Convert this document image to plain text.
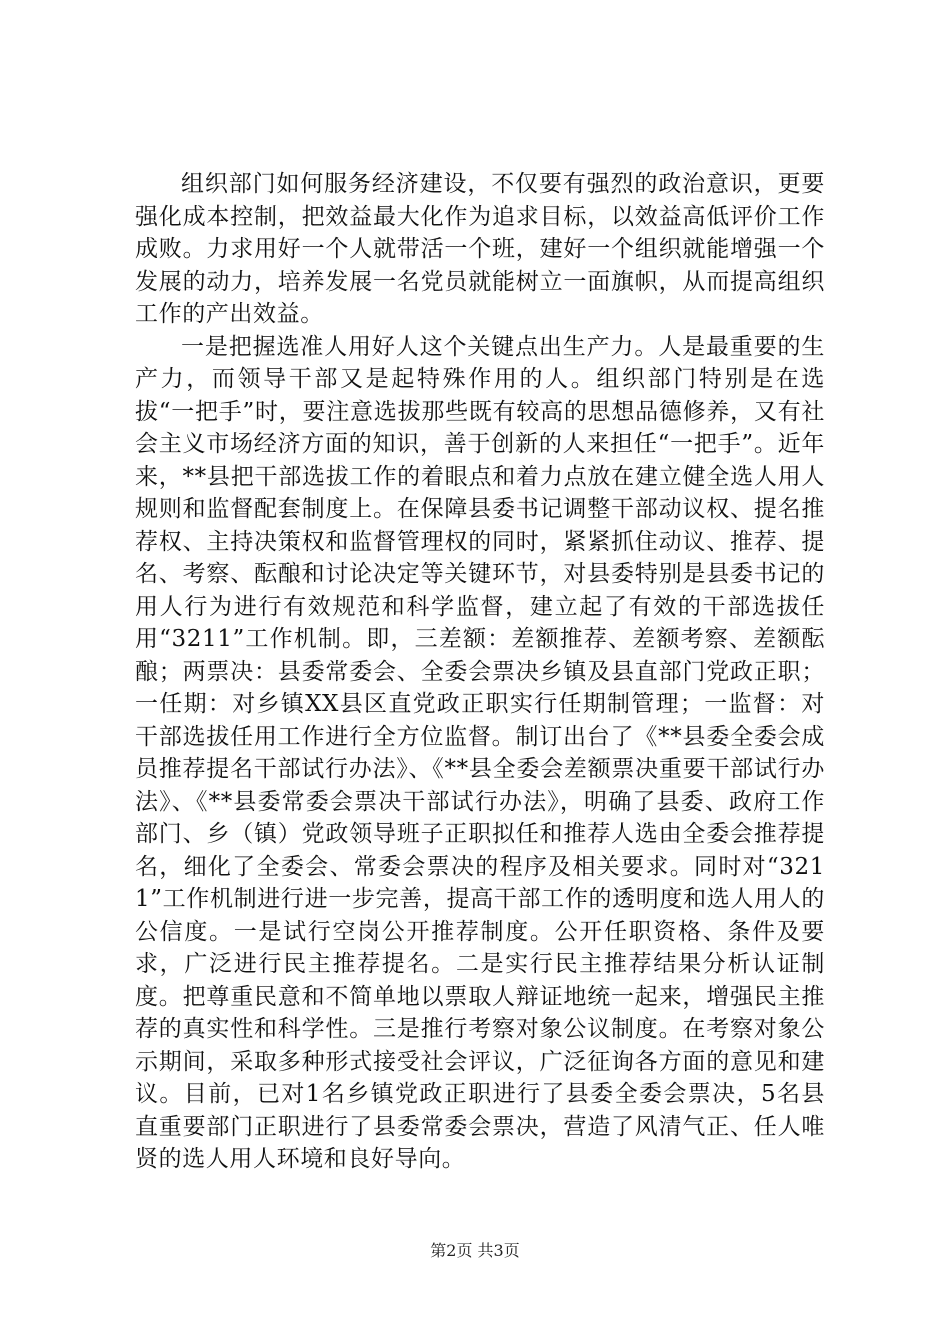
组织部门如何服务经济建设，不仅要有强烈的政治意识，更要强化成本控制，把效益最大化作为追求目标，以效益高低评价工作成败。力求用好一个人就带活一个班，建好一个组织就能增强一个发展的动力，培养发展一名党员就能树立一面旗帜，从而提高组织工作的产出效益。

一是把握选准人用好人这个关键点出生产力。人是最重要的生产力，而领导干部又是起特殊作用的人。组织部门特别是在选拔“一把手”时，要注意选拔那些既有较高的思想品德修养，又有社会主义市场经济方面的知识，善于创新的人来担任“一把手”。近年来，**县把干部选拔工作的着眼点和着力点放在建立健全选人用人规则和监督配套制度上。在保障县委书记调整干部动议权、提名推荐权、主持决策权和监督管理权的同时，紧紧抓住动议、推荐、提名、考察、酝酿和讨论决定等关键环节，对县委特别是县委书记的用人行为进行有效规范和科学监督，建立起了有效的干部选拔任用“3211”工作机制。即，三差额：差额推荐、差额考察、差额酝酿；两票决：县委常委会、全委会票决乡镇及县直部门党政正职；一任期：对乡镇XX县区直党政正职实行任期制管理；一监督：对干部选拔任用工作进行全方位监督。制订出台了《**县委全委会成员推荐提名干部试行办法》、《**县全委会差额票决重要干部试行办法》、《**县委常委会票决干部试行办法》，明确了县委、政府工作部门、乡（镇）党政领导班子正职拟任和推荐人选由全委会推荐提名，细化了全委会、常委会票决的程序及相关要求。同时对“3211”工作机制进行进一步完善，提高干部工作的透明度和选人用人的公信度。一是试行空岗公开推荐制度。公开任职资格、条件及要求，广泛进行民主推荐提名。二是实行民主推荐结果分析认证制度。把尊重民意和不简单地以票取人辩证地统一起来，增强民主推荐的真实性和科学性。三是推行考察对象公议制度。在考察对象公示期间，采取多种形式接受社会评议，广泛征询各方面的意见和建议。目前，已对1名乡镇党政正职进行了县委全委会票决，5名县直重要部门正职进行了县委常委会票决，营造了风清气正、任人唯贤的选人用人环境和良好导向。

第2页 共3页
